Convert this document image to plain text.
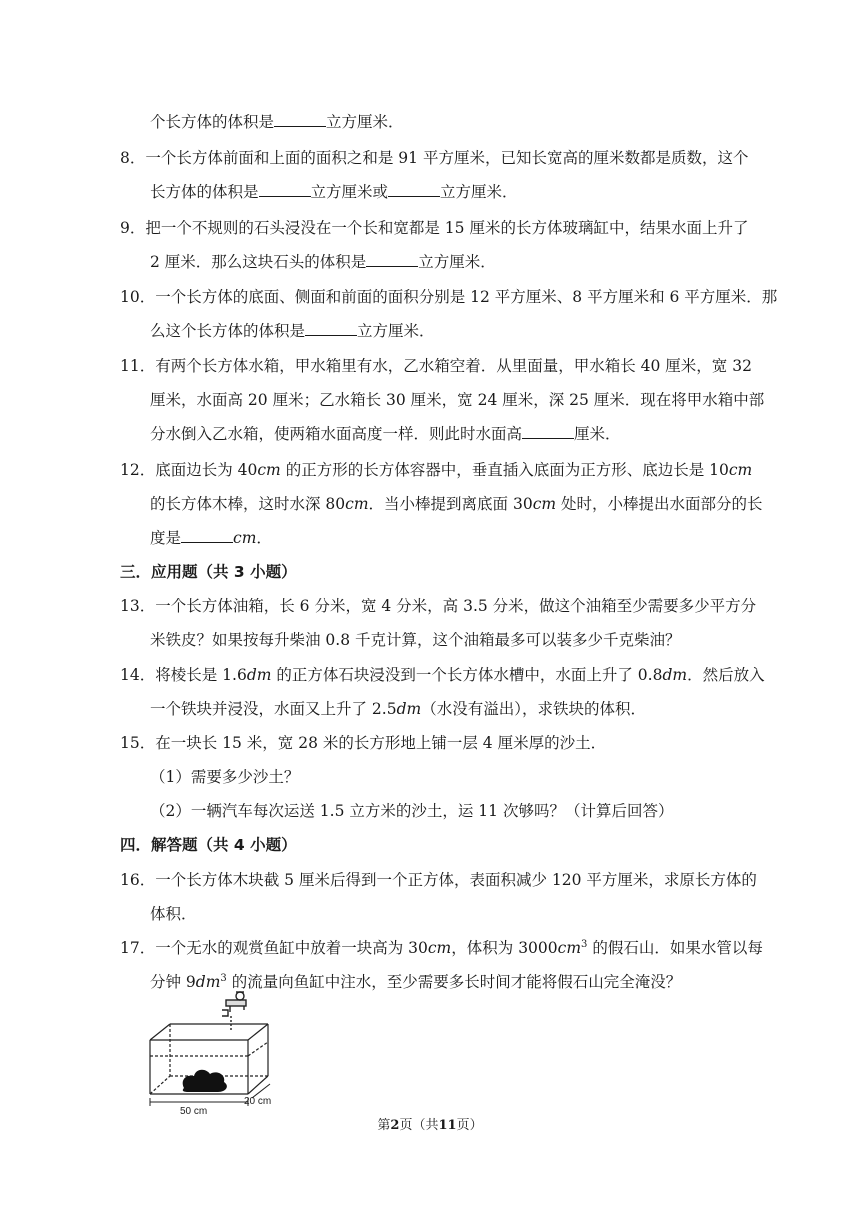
个长方体的体积是	立方厘米．
8．一个长方体前面和上面的面积之和是 91 平方厘米，已知长宽高的厘米数都是质数，这个
长方体的体积是	立方厘米或	立方厘米．
9．把一个不规则的石头浸没在一个长和宽都是 15 厘米的长方体玻璃缸中，结果水面上升了
2 厘米．那么这块石头的体积是	立方厘米．
10．一个长方体的底面、侧面和前面的面积分别是 12 平方厘米、8 平方厘米和 6 平方厘米．那
么这个长方体的体积是	立方厘米．
11．有两个长方体水箱，甲水箱里有水，乙水箱空着．从里面量，甲水箱长 40 厘米，宽 32
厘米，水面高 20 厘米；乙水箱长 30 厘米，宽 24 厘米，深 25 厘米．现在将甲水箱中部
分水倒入乙水箱，使两箱水面高度一样．则此时水面高	厘米．
12．底面边长为 40cm 的正方形的长方体容器中，垂直插入底面为正方形、底边长是 10cm
的长方体木棒，这时水深 80cm．当小棒提到离底面 30cm 处时，小棒提出水面部分的长
度是	cm．
三．应用题（共 3 小题）
13．一个长方体油箱，长 6 分米，宽 4 分米，高 3.5 分米，做这个油箱至少需要多少平方分
米铁皮？如果按每升柴油 0.8 千克计算，这个油箱最多可以装多少千克柴油？
14．将棱长是 1.6dm 的正方体石块浸没到一个长方体水槽中，水面上升了 0.8dm．然后放入
一个铁块并浸没，水面又上升了 2.5dm（水没有溢出），求铁块的体积．
15．在一块长 15 米，宽 28 米的长方形地上铺一层 4 厘米厚的沙土．
（1）需要多少沙土？
（2）一辆汽车每次运送 1.5 立方米的沙土，运 11 次够吗？（计算后回答）
四．解答题（共 4 小题）
16．一个长方体木块截 5 厘米后得到一个正方体，表面积减少 120 平方厘米，求原长方体的
体积．
17．一个无水的观赏鱼缸中放着一块高为 30cm，体积为 $3000cm^3$ 的假石山．如果水管以每
分钟 $9dm^3$ 的流量向鱼缸中注水，至少需要多长时间才能将假石山完全淹没？
50 cm
20 cm
第2页（共11页）
